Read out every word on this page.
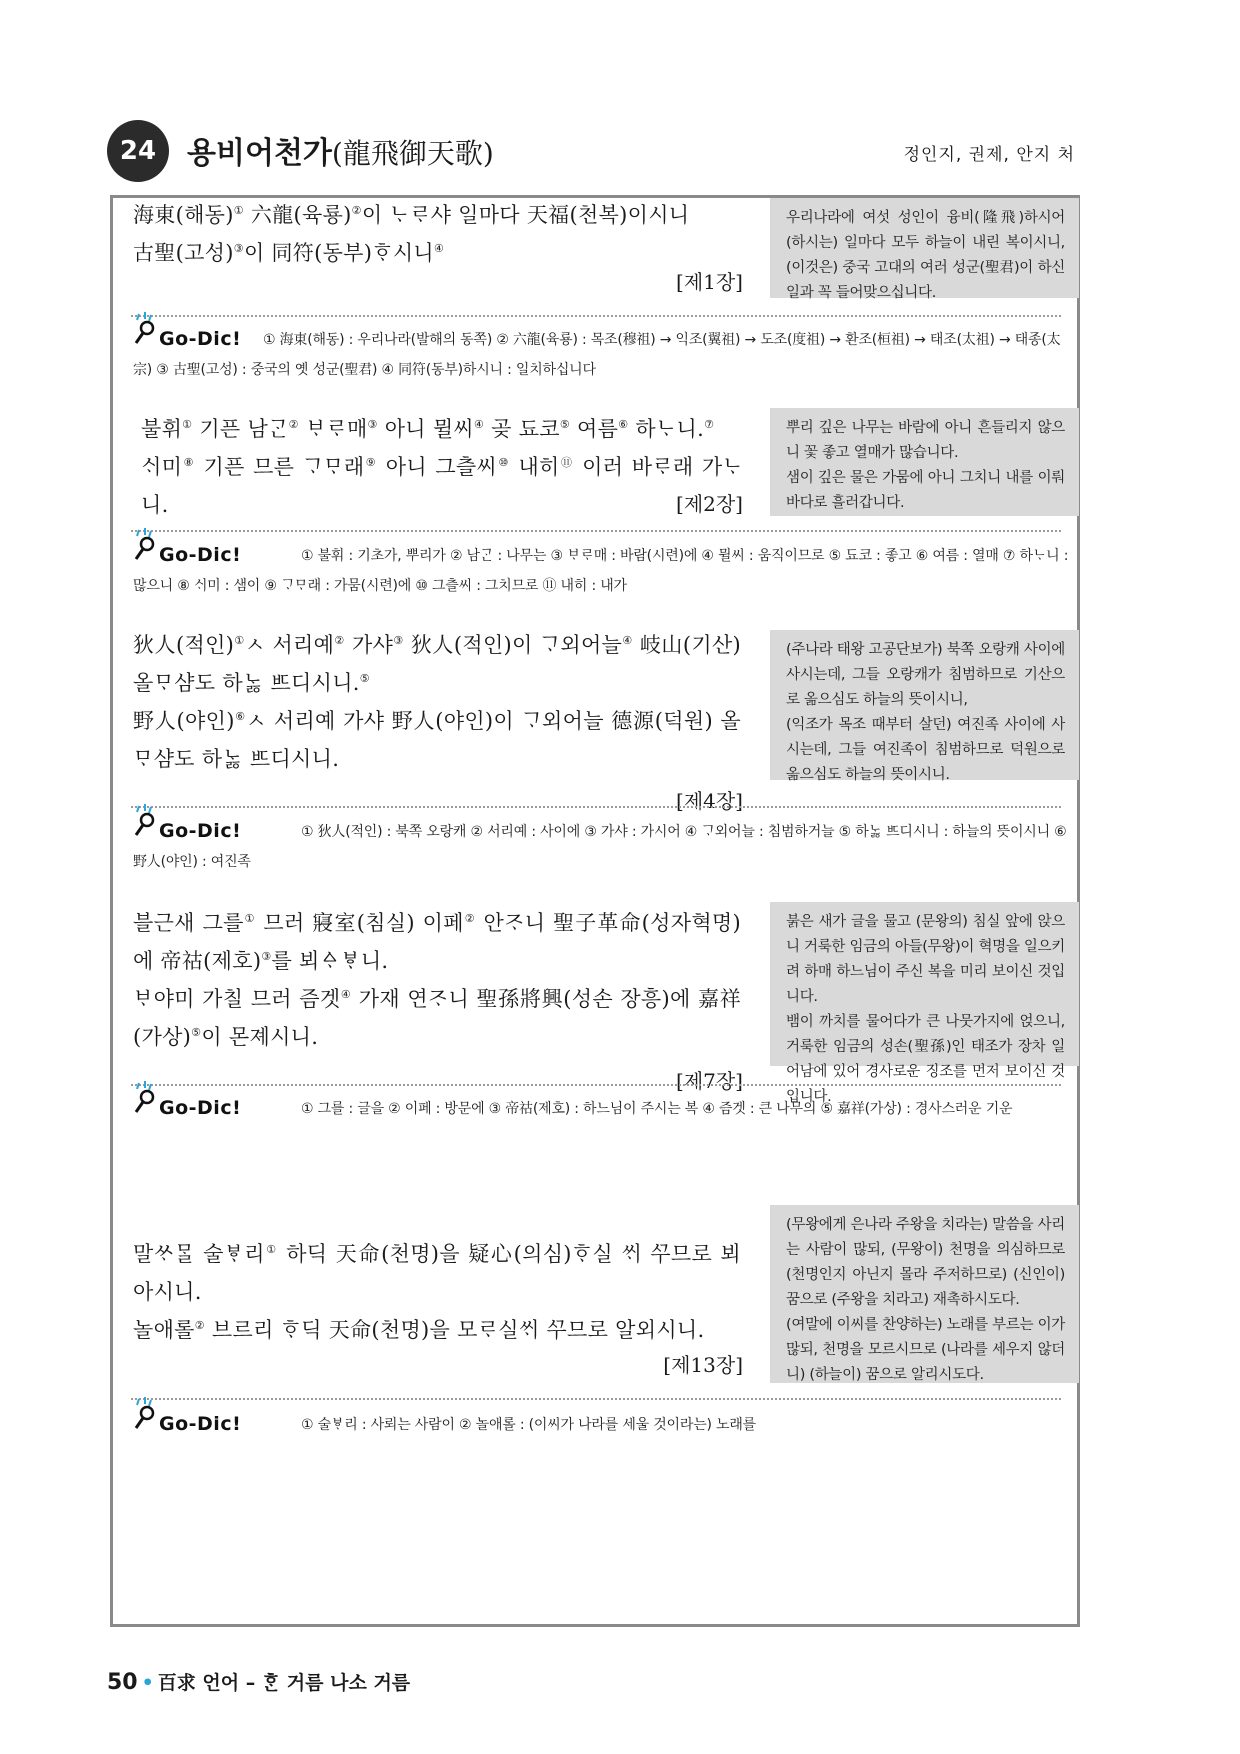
24	용비어천가(龍飛御天歌)	정인지, 권제, 안지 처

海東(해동)① 六龍(육룡)②이 ᄂᆞᄅᆞ샤 일마다 天福(천복)이시니

古聖(고성)③이 同符(동부)ᄒᆞ시니④

[제1장]

우리나라에 여섯 성인이 융비(隆飛)하시어 (하시는) 일마다 모두 하늘이 내린 복이시니, (이것은) 중국 고대의 여러 성군(聖君)이 하신 일과 꼭 들어맞으십니다.

Go-Dic! ① 海東(해동) : 우리나라(발해의 동쪽) ② 六龍(육룡) : 목조(穆祖) → 익조(翼祖) → 도조(度祖) → 환조(桓祖) → 태조(太祖) → 태종(太宗) ③ 古聖(고성) : 중국의 옛 성군(聖君) ④ 同符(동부)하시니 : 일치하십니다

불휘① 기픈 남ᄀᆞᆫ② ᄇᆞᄅᆞ매③ 아니 뮐씨④ 곶 됴코⑤ 여름⑥ 하ᄂᆞ니.⑦

ᄉᆡ미⑧ 기픈 므른 ᄀᆞᄆᆞ래⑨ 아니 그츨씨⑩ 내히⑪ 이러 바ᄅᆞ래 가ᄂᆞ니.	[제2장]

뿌리 깊은 나무는 바람에 아니 흔들리지 않으니 꽃 좋고 열매가 많습니다.

샘이 깊은 물은 가뭄에 아니 그치니 내를 이뤄 바다로 흘러갑니다.

Go-Dic!	① 불휘 : 기초가, 뿌리가 ② 남ᄀᆞᆫ : 나무는 ③ ᄇᆞᄅᆞ매 : 바람(시련)에 ④ 뮐씨 : 움직이므로 ⑤ 됴코 : 좋고 ⑥ 여름 : 열매 ⑦ 하ᄂᆞ니 : 많으니 ⑧ ᄉᆡ미 : 샘이 ⑨ ᄀᆞᄆᆞ래 : 가뭄(시련)에 ⑩ 그츨씨 : 그치므로 ⑪ 내히 : 내가

狄人(적인)①ㅅ 서리예② 가샤③ 狄人(적인)이 ᄀᆞ외어늘④ 岐山(기산) 올ᄆᆞ샴도 하ᄂᆞᇙ ᄠᅳ디시니.⑤

野人(야인)⑥ㅅ 서리예 가샤 野人(야인)이 ᄀᆞ외어늘 德源(덕원) 올ᄆᆞ샴도 하ᄂᆞᇙ ᄠᅳ디시니.

[제4장]

(주나라 태왕 고공단보가) 북쪽 오랑캐 사이에 사시는데, 그들 오랑캐가 침범하므로 기산으로 옮으심도 하늘의 뜻이시니,

(익조가 목조 때부터 살던) 여진족 사이에 사시는데, 그들 여진족이 침범하므로 덕원으로 옮으심도 하늘의 뜻이시니.

Go-Dic!	① 狄人(적인) : 북쪽 오랑캐 ② 서리예 : 사이에 ③ 가샤 : 가시어 ④ ᄀᆞ외어늘 : 침범하거늘 ⑤ 하ᄂᆞᇙ ᄠᅳ디시니 : 하늘의 뜻이시니 ⑥ 野人(야인) : 여진족

블근새 그를① 므러 寢室(침실) 이페② 안ᄌᆞ니 聖子革命(성자혁명)에 帝祜(제호)③를 뵈ᅀᆞᄫᆞ니.

ᄇᆞ야미 가칠 므러 즘겟④ 가재 연ᄌᆞ니 聖孫將興(성손 장흥)에 嘉祥(가상)⑤이 몬졔시니.

[제7장]

붉은 새가 글을 물고 (문왕의) 침실 앞에 앉으니 거룩한 임금의 아들(무왕)이 혁명을 일으키려 하매 하느님이 주신 복을 미리 보이신 것입니다.

뱀이 까치를 물어다가 큰 나뭇가지에 얹으니, 거룩한 임금의 성손(聖孫)인 태조가 장차 일어남에 있어 경사로운 징조를 먼저 보이신 것입니다.

Go-Dic!	① 그를 : 글을 ② 이페 : 방문에 ③ 帝祜(제호) : 하느님이 주시는 복 ④ 즘겟 : 큰 나무의 ⑤ 嘉祥(가상) : 경사스러운 기운

말ᄊᆞᄆᆞᆯ 술ᄫᆞ리① 하딕 天命(천명)을 疑心(의심)ᄒᆞ실 ᄊᆡ ᄭᅮ므로 뵈아시니.

놀애롤② 브르리 ᄒᆞ딕 天命(천명)을 모ᄅᆞ실ᄊᆡ ᄭᅮ므로 알외시니.

[제13장]

(무왕에게 은나라 주왕을 치라는) 말씀을 사리는 사람이 많되, (무왕이) 천명을 의심하므로 (천명인지 아닌지 몰라 주저하므로) (신인이) 꿈으로 (주왕을 치라고) 재촉하시도다.

(여말에 이씨를 찬양하는) 노래를 부르는 이가 많되, 천명을 모르시므로 (나라를 세우지 않더니) (하늘이) 꿈으로 알리시도다.

Go-Dic!	① 술ᄫᆞ리 : 사뢰는 사람이 ② 놀애롤 : (이씨가 나라를 세울 것이라는) 노래를
50 • 百求 언어 – ᄒᆞᆫ 거름 나소 거름
